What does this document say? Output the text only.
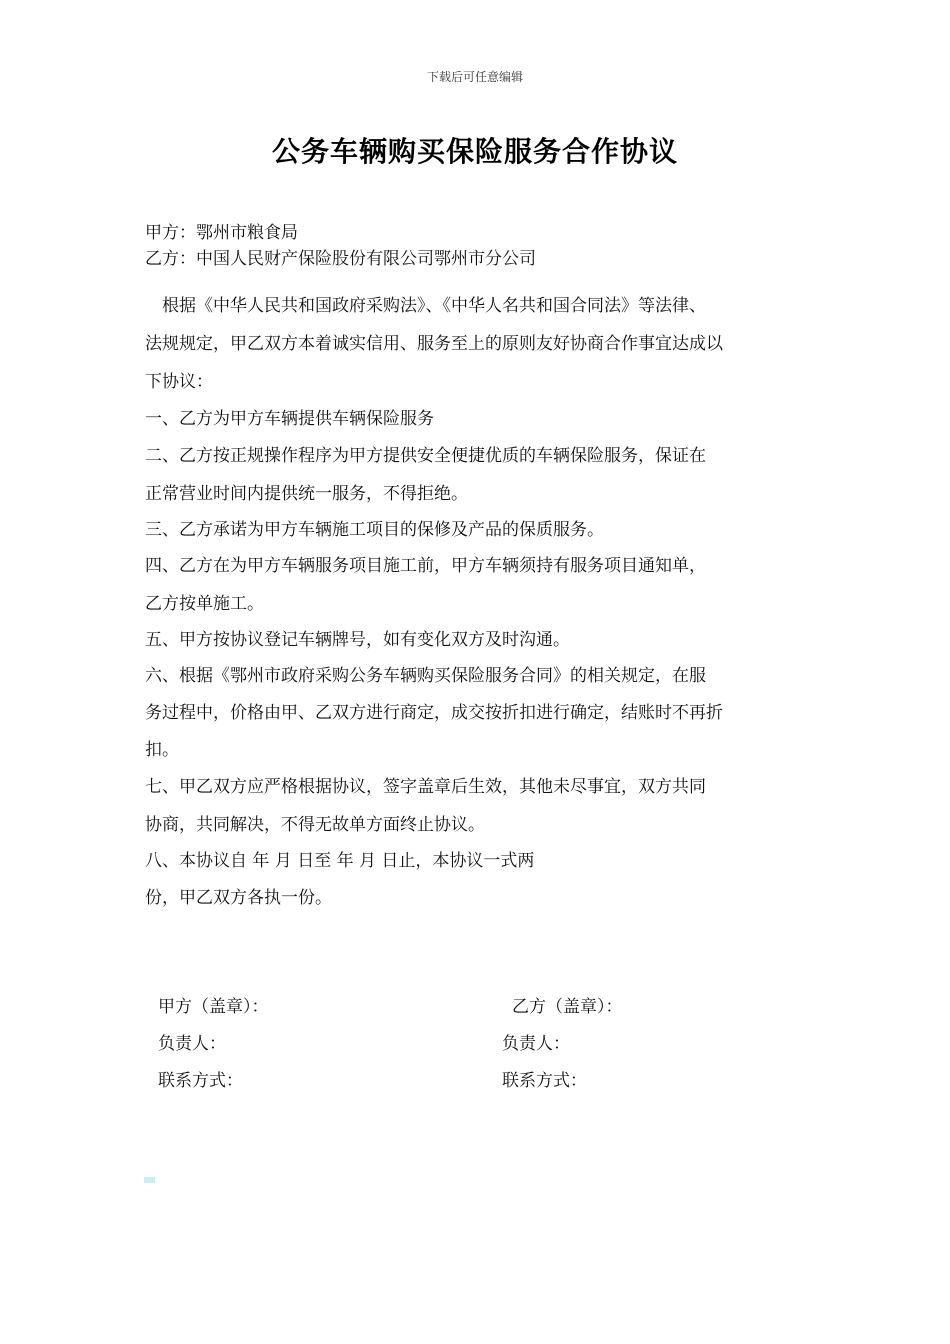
下载后可任意编辑
公务车辆购买保险服务合作协议
甲方：鄂州市粮食局
乙方：中国人民财产保险股份有限公司鄂州市分公司
　根据《中华人民共和国政府采购法》、《中华人名共和国合同法》等法律、
法规规定，甲乙双方本着诚实信用、服务至上的原则友好协商合作事宜达成以
下协议：
一、乙方为甲方车辆提供车辆保险服务
二、乙方按正规操作程序为甲方提供安全便捷优质的车辆保险服务，保证在
正常营业时间内提供统一服务，不得拒绝。
三、乙方承诺为甲方车辆施工项目的保修及产品的保质服务。
四、乙方在为甲方车辆服务项目施工前，甲方车辆须持有服务项目通知单，
乙方按单施工。
五、甲方按协议登记车辆牌号，如有变化双方及时沟通。
六、根据《鄂州市政府采购公务车辆购买保险服务合同》的相关规定，在服
务过程中，价格由甲、乙双方进行商定，成交按折扣进行确定，结账时不再折
扣。
七、甲乙双方应严格根据协议，签字盖章后生效，其他未尽事宜，双方共同
协商，共同解决，不得无故单方面终止协议。
八、本协议自 年 月 日至 年 月 日止，本协议一式两
份，甲乙双方各执一份。
甲方（盖章）：	乙方（盖章）：
负责人：	负责人：
联系方式：	联系方式：
